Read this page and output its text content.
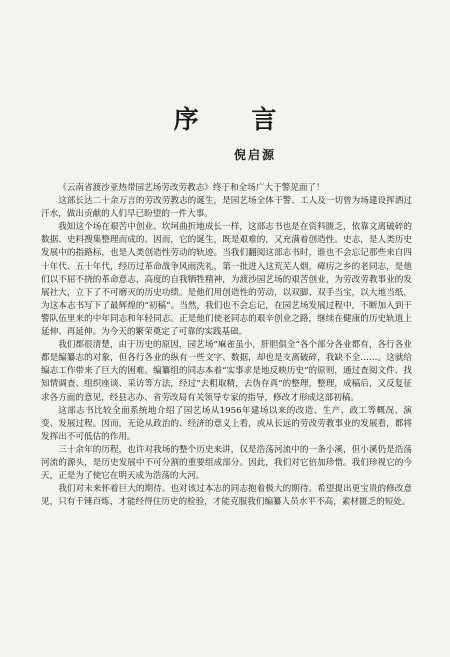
序 言
倪启源

《云南省渡沙亚热带园艺场劳改劳教志》终于和全场广大干警见面了！

这部长达二十余万言的劳改劳教志的诞生，是园艺场全体干警、工人及一切曾为场建设挥洒过汗水，做出贡献的人们早已盼望的一件大事。

我知这个场在艰苦中创业、坎坷曲折地成长一样，这部志书也是在资料匮乏，依靠文离破碎的数据、史料搜集整理而成的。因而，它的诞生，既是艰难的，又充满着创造性。史志，是人类历史发展中的指路标，也是人类创造性劳动的轨迹。当我们翻阅这部志书时，谁也不会忘记那些来自四十年代、五十年代，经历过革命战争风雨洗礼，第一批进入这荒芜人烟，瘴疠之乡的老同志，是他们以不屈不挠的革命意志，高度的自我牺牲精神，为渡沙园艺场的艰苦创业，为劳改劳教事业的发展社大，立下了不可磨灭的历史功绩。是他们用创造性的劳动，以双脚、双手当宝，以大地当纸，为这本志书写下了最辉煌的“初稿”。当然，我们也不会忘记，在园艺场发展过程中，不断加入到干警队伍里来的中年同志和年轻同志。正是他们使老同志的艰辛创业之路，继续在健康的历史轨道上延伸、再延伸。为今天的繁荣奠定了可靠的实践基础。

我们都很清楚，由于历史的原因，园艺场“麻雀虽小，肝胆俱全”各个部分各业都有，各行各业都是编纂志的对象，但各行各业的纵有一些文字、数据，却也是支离破碎，我缺不全……。这就给编志工作带来了巨大的困难。编纂组的同志本着“实事求是地反映历史”的原则，通过查阅文件、找知情调查、组织座谈、采访等方法，经过“去粗取精，去伪存真”的整理，整理，成稿后，又反复征求各方面的意见，经县志办、省劳改局有关领导专家的指导，修改才形成这部初稿。

这部志书比较全面系统地介绍了园艺场从1956年建场以来的改造、生产、政工等概况、演变、发展过程。因而，无论从政治的、经济的意义上看，或从长远的劳改劳教事业的发展看，都将发挥出不可低估的作用。

三十余年的历程，也许对我场的整个历史来讲，仅是浩荡河流中的一条小溪，但小溪仍是浩荡河流的源头，是历史发展中不可分割的重要组成部分。因此，我们对它倍加珍惜。我们珍视它的今天，正是为了使它在明天成为浩荡的大河。

我们对未来怀着巨大的期待。也对该过本志的同志抱着极大的期待。希望提出更宝贵的修改意见，只有千锤百炼，才能经得住历史的检验，才能克服我们编纂人员水平不高，素材匮乏的短处。
